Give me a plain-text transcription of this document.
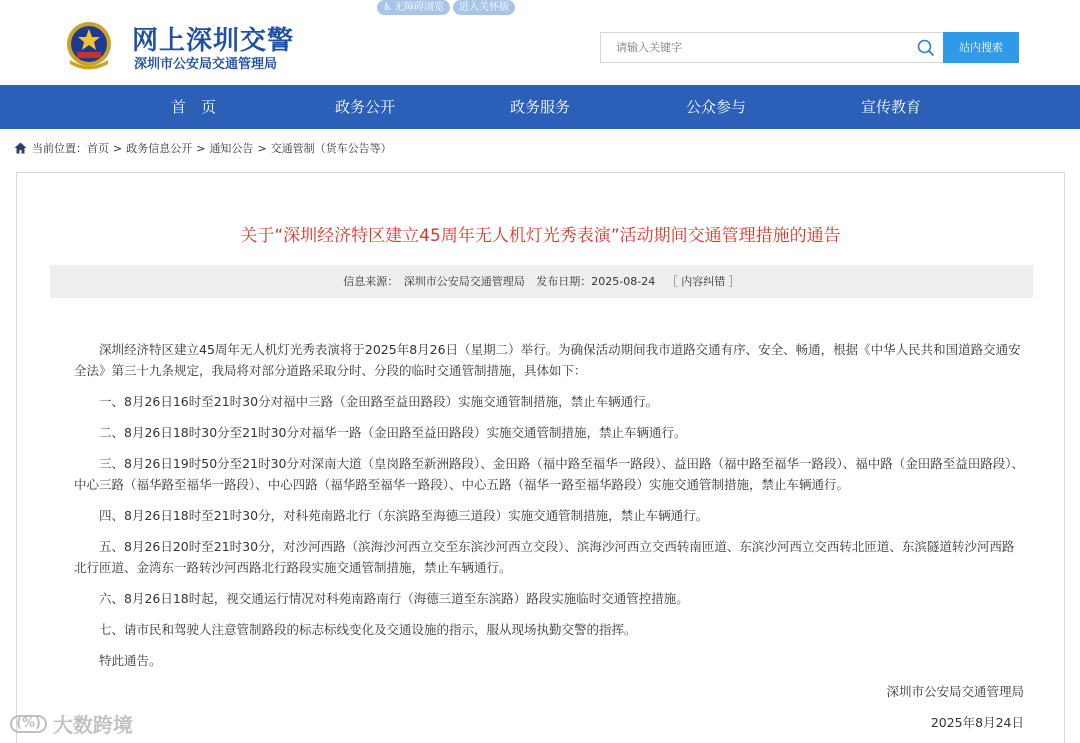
♿ 无障碍浏览	进入关怀版
网上深圳交警
深圳市公安局交通管理局
请输入关键字
站内搜索
首　页	政务公开	政务服务	公众参与	宣传教育
当前位置： 首页 > 政务信息公开 > 通知公告 > 交通管制（货车公告等）
关于“深圳经济特区建立45周年无人机灯光秀表演”活动期间交通管理措施的通告
信息来源：　深圳市公安局交通管理局 发布日期：2025-08-24 ［ 内容纠错 ］

深圳经济特区建立45周年无人机灯光秀表演将于2025年8月26日（星期二）举行。为确保活动期间我市道路交通有序、安全、畅通，根据《中华人民共和国道路交通安全法》第三十九条规定，我局将对部分道路采取分时、分段的临时交通管制措施，具体如下：

一、8月26日16时至21时30分对福中三路（金田路至益田路段）实施交通管制措施，禁止车辆通行。

二、8月26日18时30分至21时30分对福华一路（金田路至益田路段）实施交通管制措施，禁止车辆通行。

三、8月26日19时50分至21时30分对深南大道（皇岗路至新洲路段）、金田路（福中路至福华一路段）、益田路（福中路至福华一路段）、福中路（金田路至益田路段）、中心三路（福华路至福华一路段）、中心四路（福华路至福华一路段）、中心五路（福华一路至福华路段）实施交通管制措施，禁止车辆通行。

四、8月26日18时至21时30分，对科苑南路北行（东滨路至海德三道段）实施交通管制措施，禁止车辆通行。

五、8月26日20时至21时30分，对沙河西路（滨海沙河西立交至东滨沙河西立交段）、滨海沙河西立交西转南匝道、东滨沙河西立交西转北匝道、东滨隧道转沙河西路北行匝道、金湾东一路转沙河西路北行路段实施交通管制措施，禁止车辆通行。

六、8月26日18时起，视交通运行情况对科苑南路南行（海德三道至东滨路）路段实施临时交通管控措施。

七、请市民和驾驶人注意管制路段的标志标线变化及交通设施的指示，服从现场执勤交警的指挥。

特此通告。

深圳市公安局交通管理局
2025年8月24日
(%) 大数跨境
